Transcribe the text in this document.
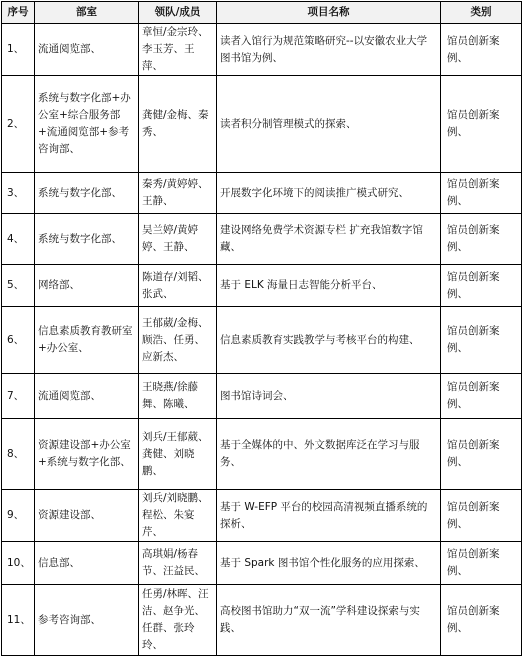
序号	部室	领队/成员	项目名称	类别
1、	流通阅览部、	章恒/金宗玲、李玉芳、王萍、	读者入馆行为规范策略研究--以安徽农业大学图书馆为例、	馆员创新案例、
2、	系统与数字化部+办公室+综合服务部+流通阅览部+参考咨询部、	龚健/金梅、秦秀、	读者积分制管理模式的探索、	馆员创新案例、
3、	系统与数字化部、	秦秀/黄婷婷、王静、	开展数字化环境下的阅读推广模式研究、	馆员创新案例、
4、	系统与数字化部、	吴兰婷/黄婷婷、王静、	建设网络免费学术资源专栏 扩充我馆数字馆藏、	馆员创新案例、
5、	网络部、	陈道存/刘韬、张武、	基于 ELK 海量日志智能分析平台、	馆员创新案例、
6、	信息素质教育教研室+办公室、	王郁葳/金梅、顾浩、任勇、应新杰、	信息素质教育实践教学与考核平台的构建、	馆员创新案例、
7、	流通阅览部、	王晓燕/徐藤舞、陈曦、	图书馆诗词会、	馆员创新案例、
8、	资源建设部+办公室+系统与数字化部、	刘兵/王郁葳、龚健、刘晓鹏、	基于全媒体的中、外文数据库泛在学习与服务、	馆员创新案例、
9、	资源建设部、	刘兵/刘晓鹏、程松、朱宴芹、	基于 W-EFP 平台的校园高清视频直播系统的探析、	馆员创新案例、
10、	信息部、	高琪娟/杨春节、汪益民、	基于 Spark 图书馆个性化服务的应用探索、	馆员创新案例、
11、	参考咨询部、	任勇/林晖、汪洁、赵争光、任群、张玲玲、	高校图书馆助力“双一流”学科建设探索与实践、	馆员创新案例、
